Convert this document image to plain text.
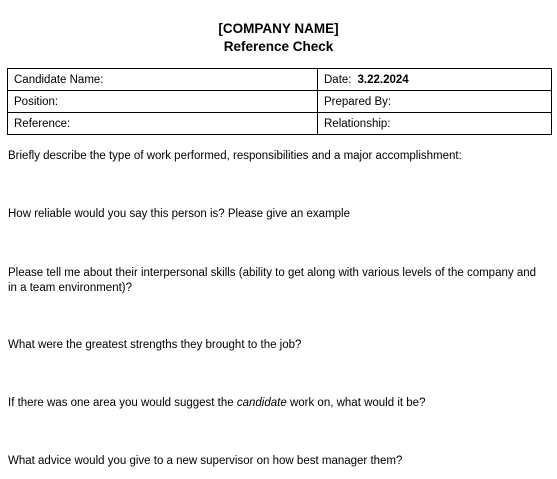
[COMPANY NAME]
Reference Check
Candidate Name:	Date: 3.22.2024
Position:	Prepared By:
Reference:	Relationship:
Briefly describe the type of work performed, responsibilities and a major accomplishment:
How reliable would you say this person is? Please give an example
Please tell me about their interpersonal skills (ability to get along with various levels of the company and in a team environment)?
What were the greatest strengths they brought to the job?
If there was one area you would suggest the candidate work on, what would it be?
What advice would you give to a new supervisor on how best manager them?
